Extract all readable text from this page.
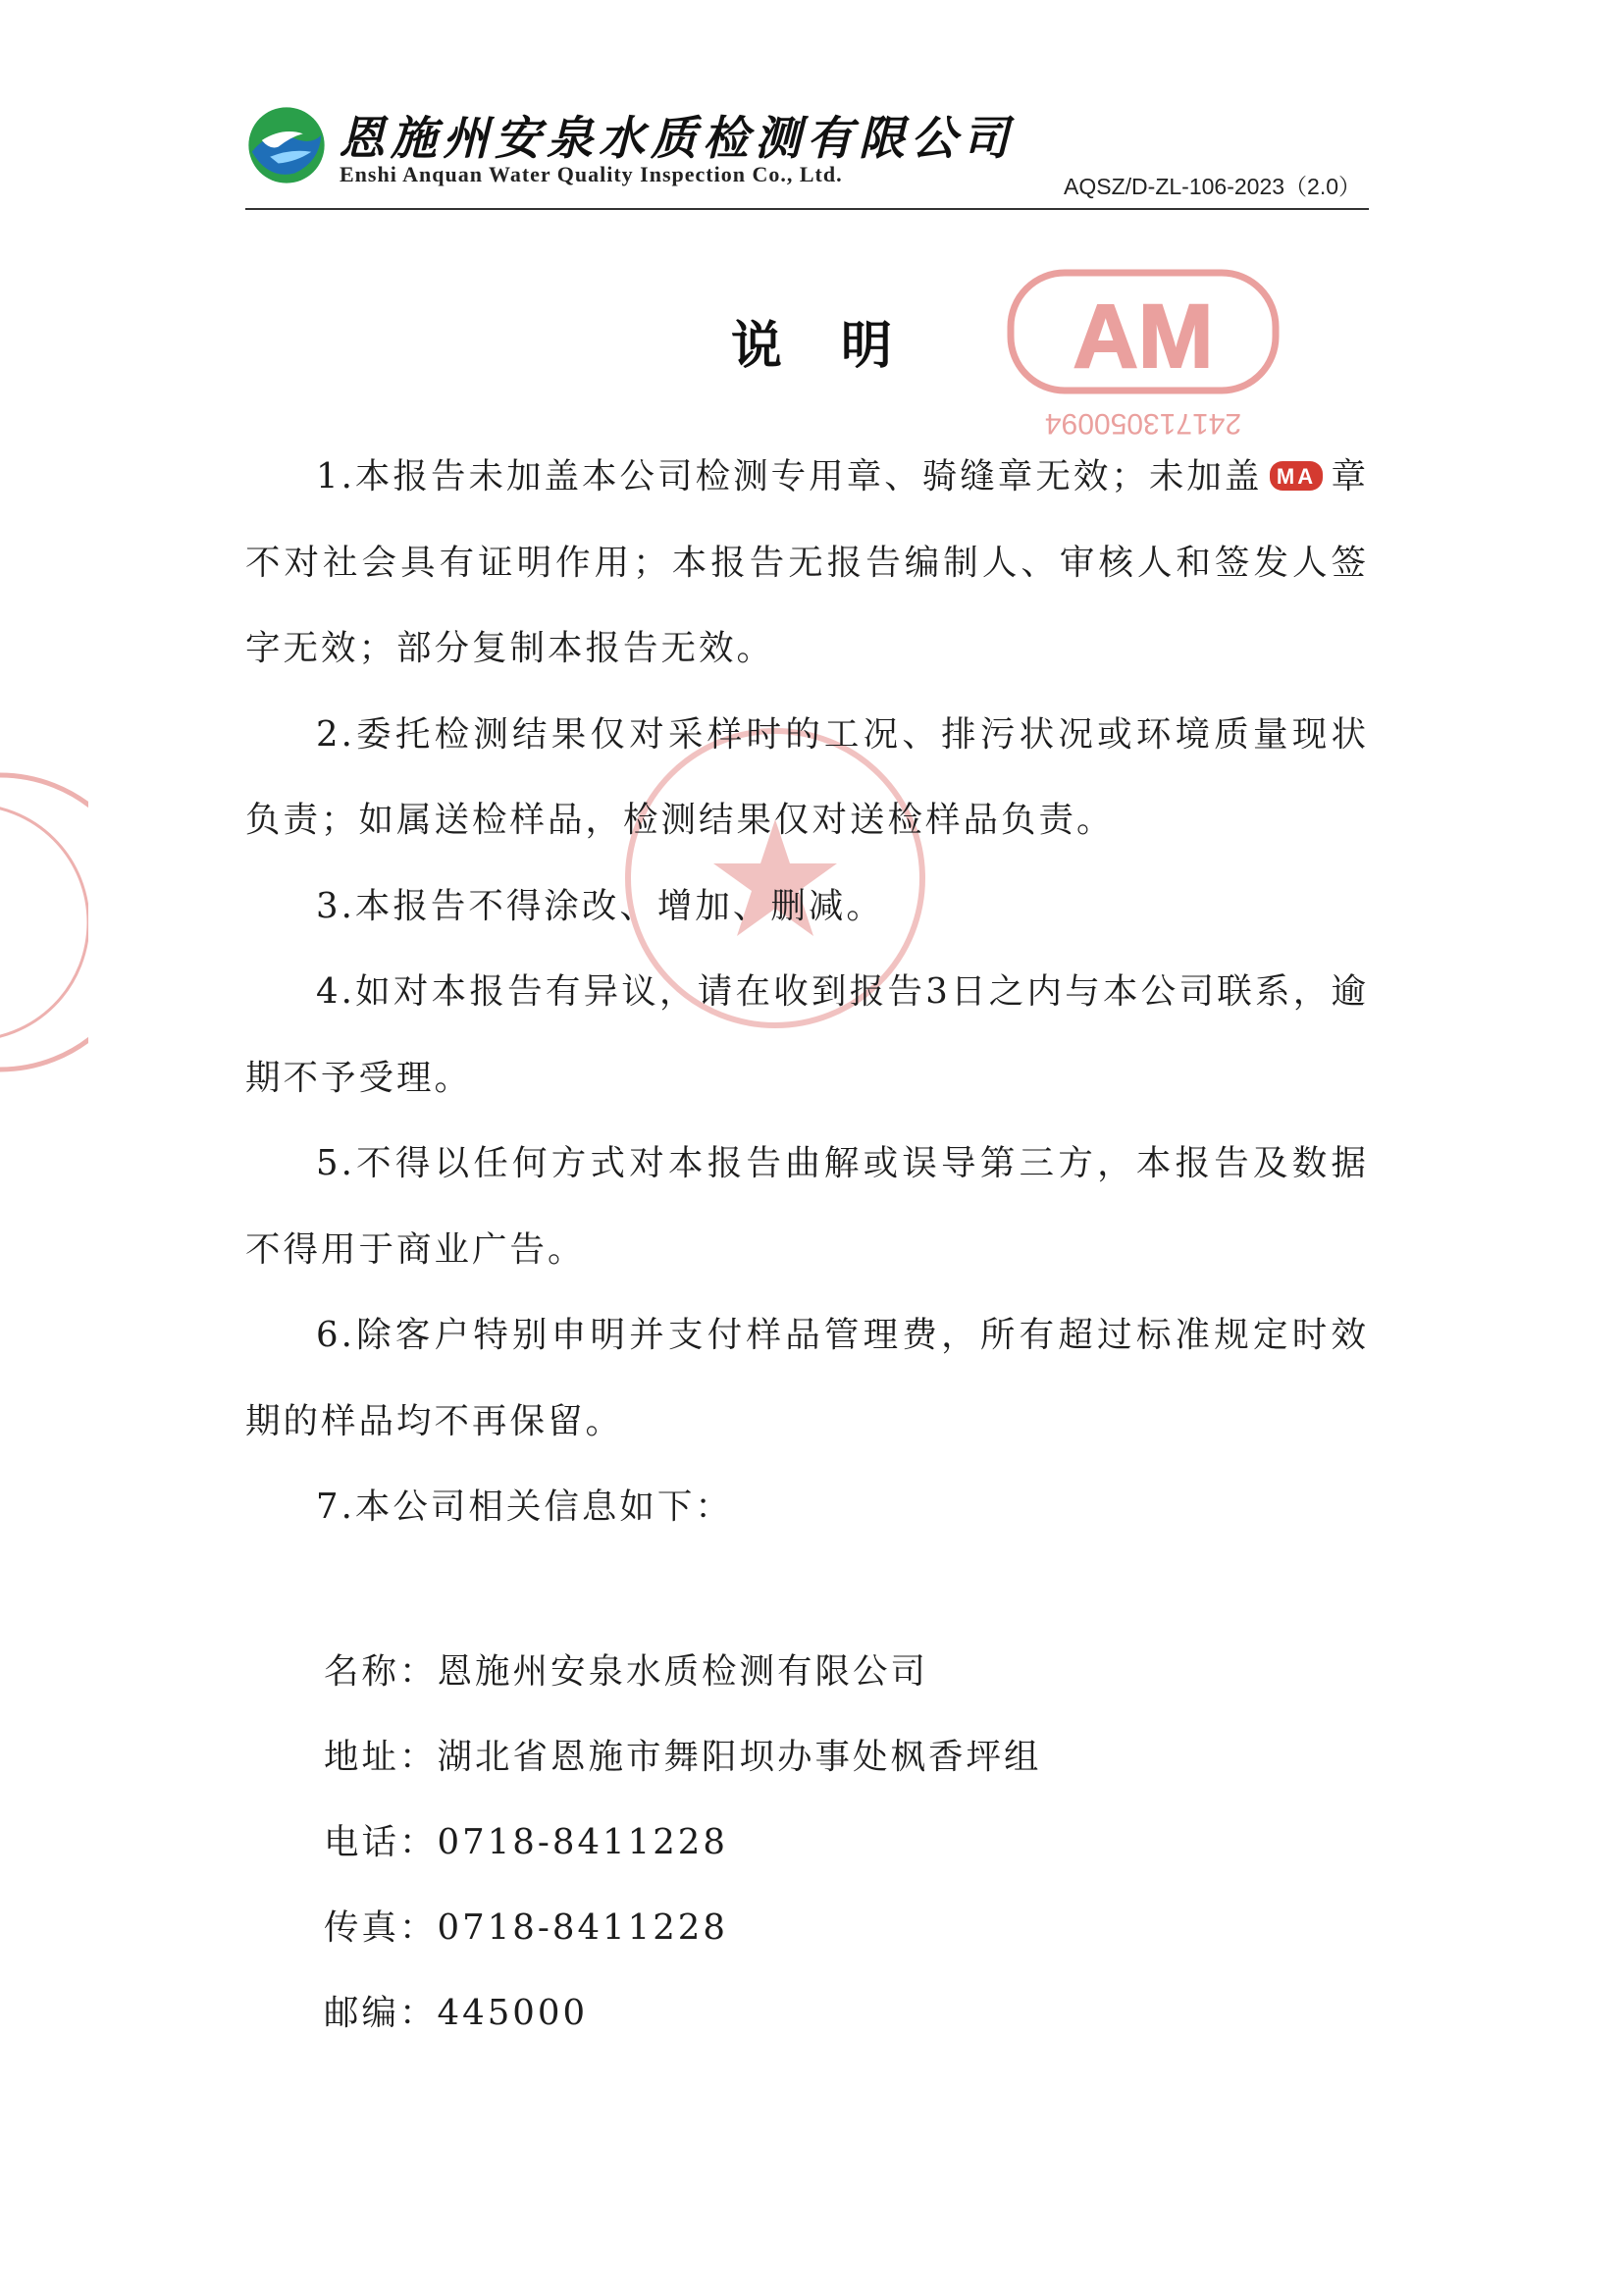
恩施州安泉水质检测有限公司
Enshi Anquan Water Quality Inspection Co., Ltd.	AQSZ/D-ZL-106-2023（2.0）
AM
241713050094
说明

1.本报告未加盖本公司检测专用章、骑缝章无效；未加盖 MA 章不对社会具有证明作用；本报告无报告编制人、审核人和签发人签字无效；部分复制本报告无效。

2.委托检测结果仅对采样时的工况、排污状况或环境质量现状负责；如属送检样品，检测结果仅对送检样品负责。

3.本报告不得涂改、增加、删减。

4.如对本报告有异议，请在收到报告3日之内与本公司联系，逾期不予受理。

5.不得以任何方式对本报告曲解或误导第三方，本报告及数据不得用于商业广告。

6.除客户特别申明并支付样品管理费，所有超过标准规定时效期的样品均不再保留。

7.本公司相关信息如下：

名称：恩施州安泉水质检测有限公司
地址：湖北省恩施市舞阳坝办事处枫香坪组
电话：0718-8411228
传真：0718-8411228
邮编：445000
